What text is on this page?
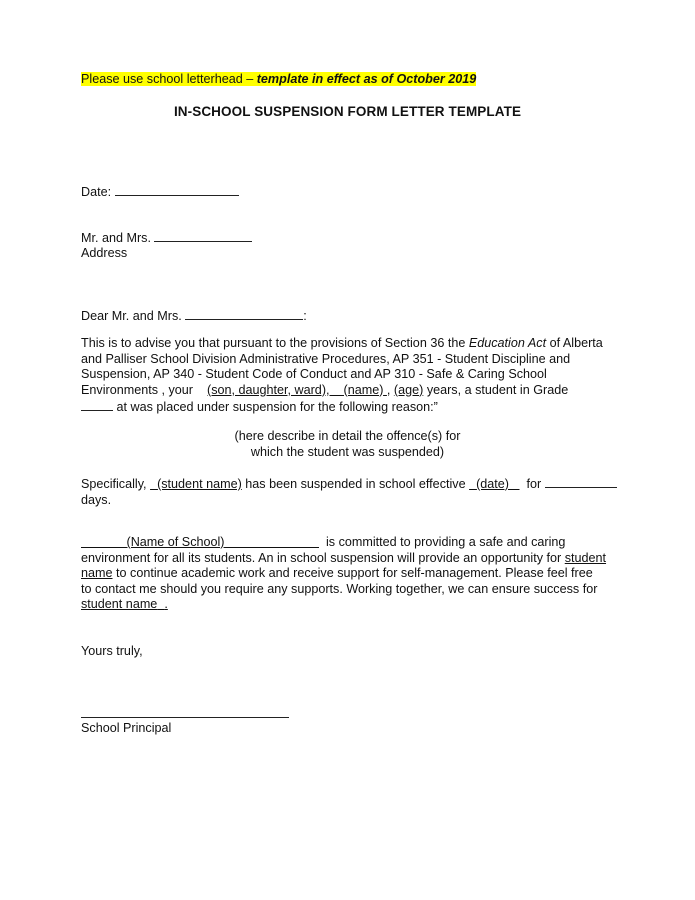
Please use school letterhead – template in effect as of October 2019
IN-SCHOOL SUSPENSION FORM LETTER TEMPLATE
Date:
Mr. and Mrs.
Address
Dear Mr. and Mrs.	:
This is to advise you that pursuant to the provisions of Section 36 the Education Act of Alberta
and Palliser School Division Administrative Procedures, AP 351 - Student Discipline and
Suspension, AP 340 - Student Code of Conduct and AP 310 - Safe & Caring School
Environments , your (son, daughter, ward), (name) , (age) years, a student in Grade
at was placed under suspension for the following reason:”
(here describe in detail the offence(s) for
which the student was suspended)
Specifically, (student name) has been suspended in school effective (date) for
days.
(Name of School)	is committed to providing a safe and caring
environment for all its students. An in school suspension will provide an opportunity for student
name to continue academic work and receive support for self-management. Please feel free
to contact me should you require any supports. Working together, we can ensure success for
student name .
Yours truly,
School Principal
